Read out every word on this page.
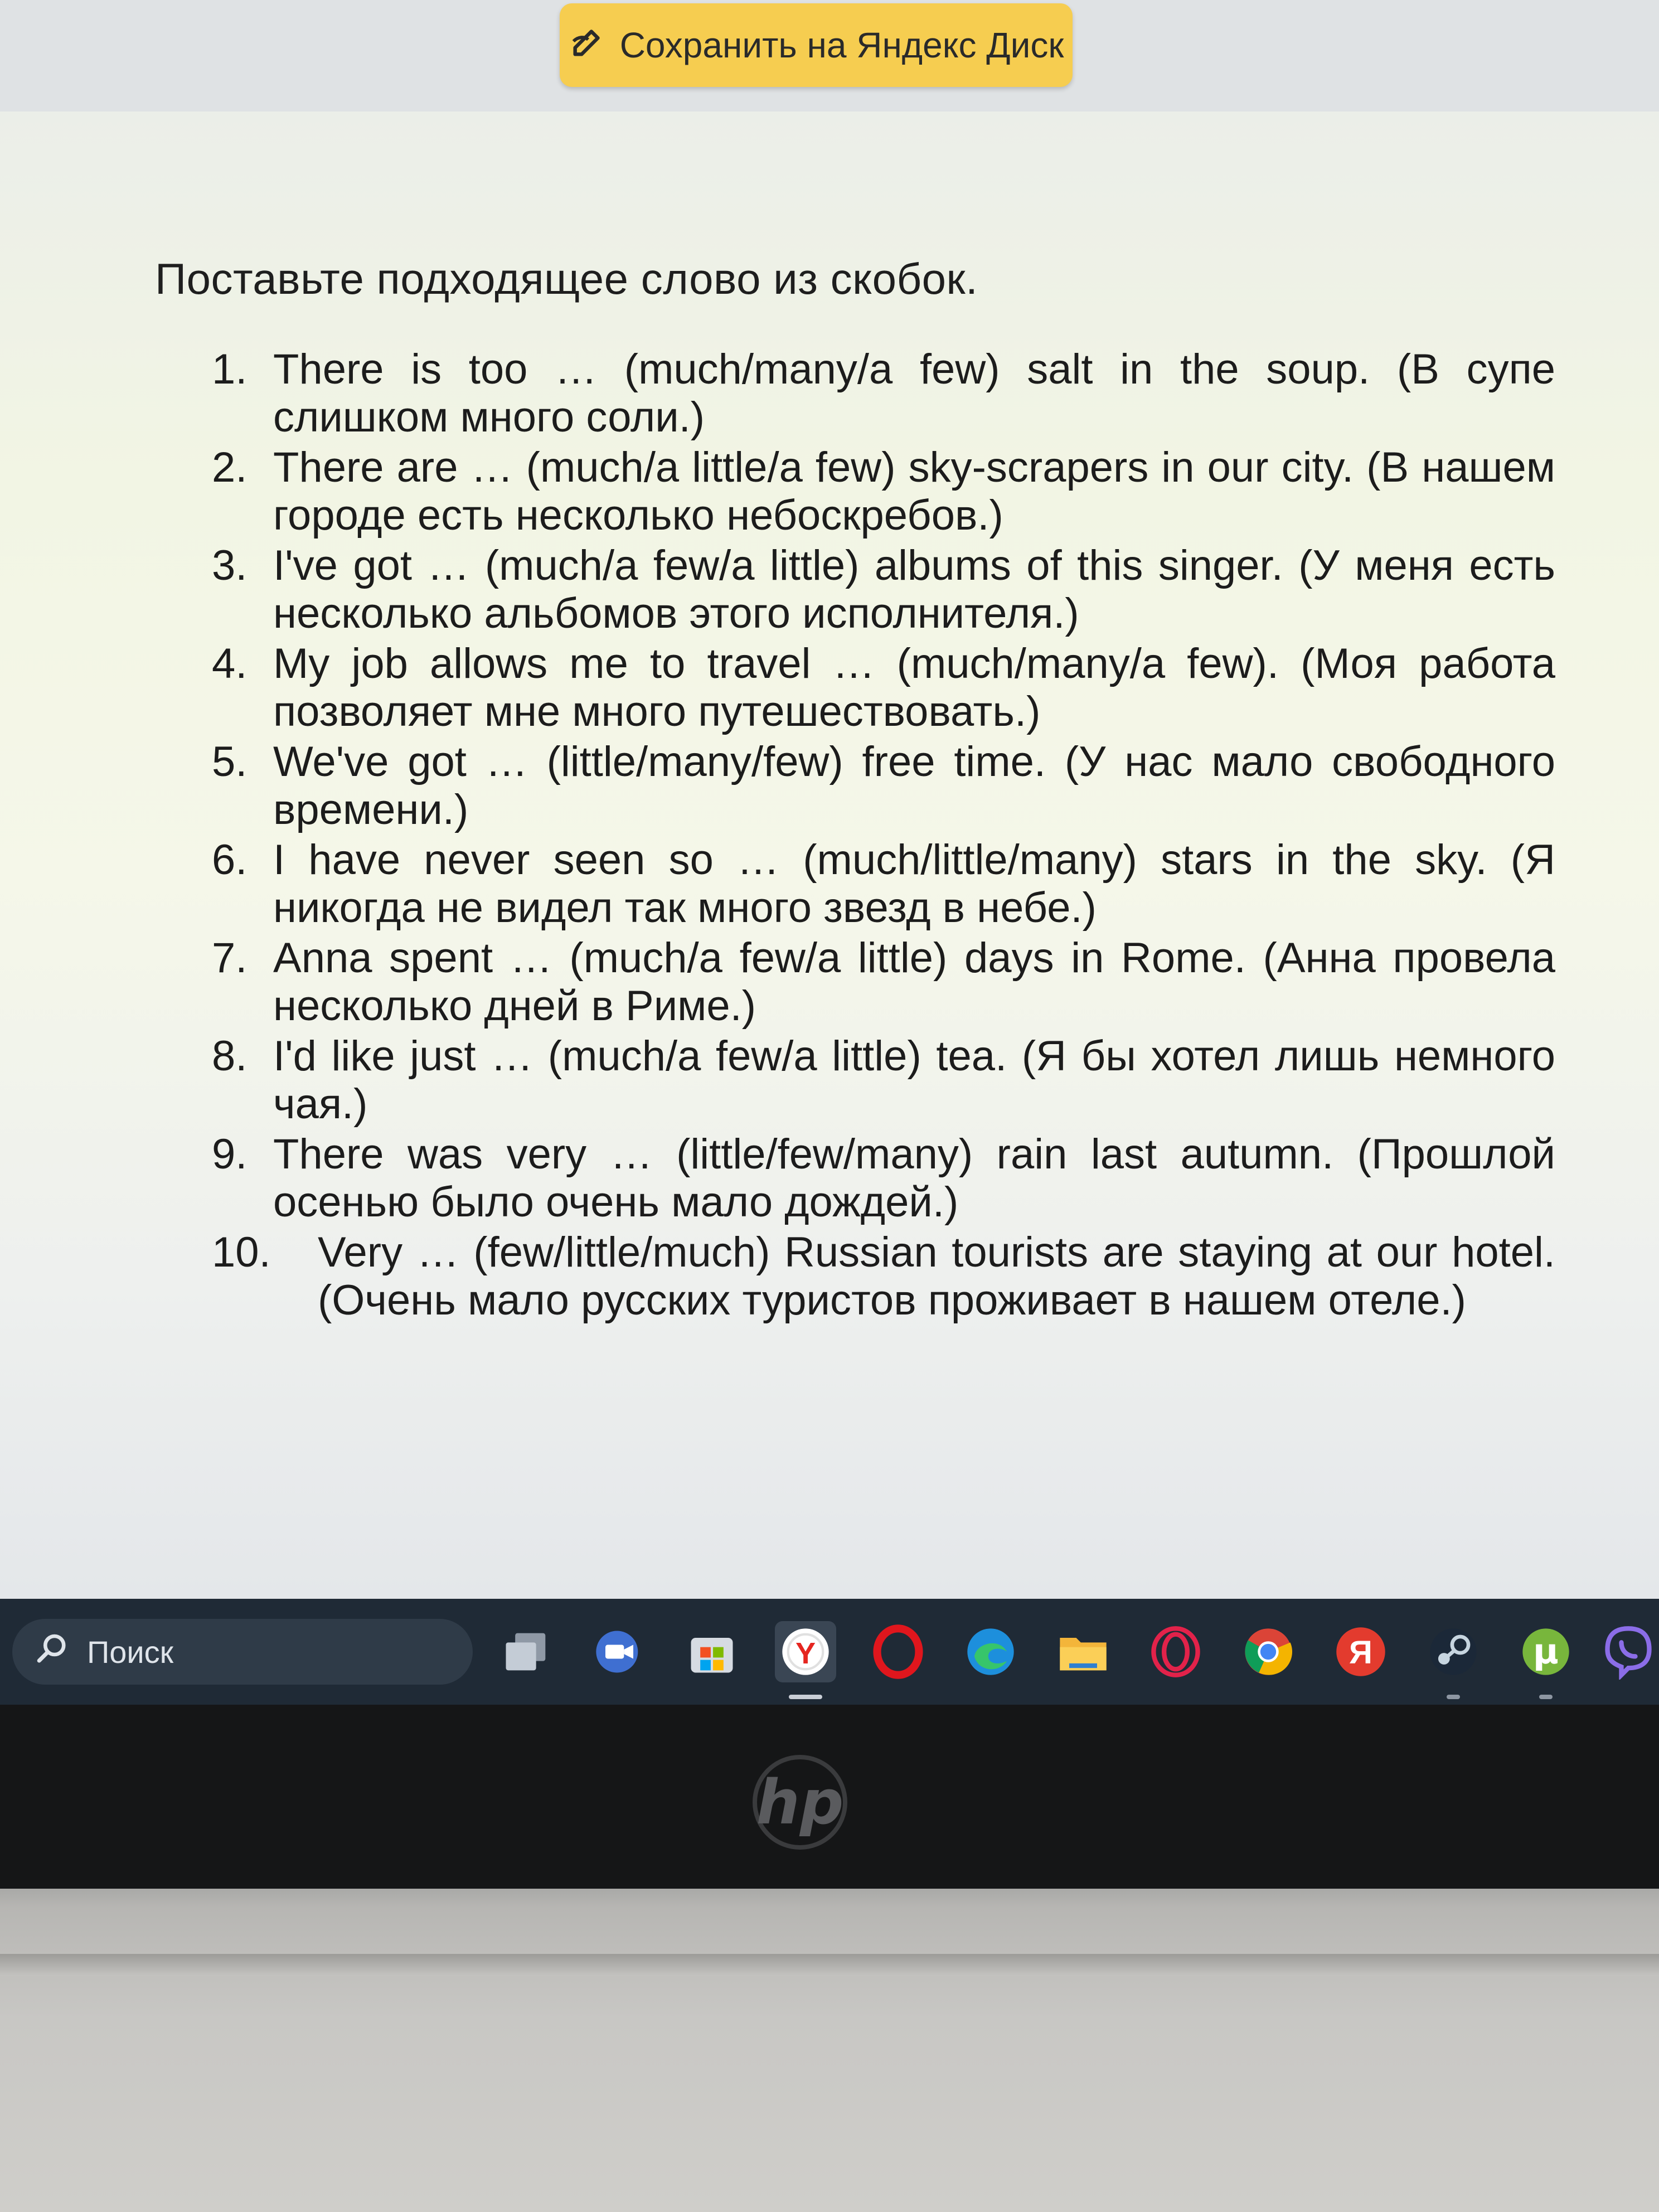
Сохранить на Яндекс Диск
Поставьте подходящее слово из скобок.
1. There is too … (much/many/a few) salt in the soup. (В супе слишком много соли.)
2. There are … (much/a little/a few) sky-scrapers in our city. (В нашем городе есть несколько небоскребов.)
3. I've got … (much/a few/a little) albums of this singer. (У меня есть несколько альбомов этого исполнителя.)
4. My job allows me to travel … (much/many/a few). (Моя работа позволяет мне много путешествовать.)
5. We've got … (little/many/few) free time. (У нас мало свободного времени.)
6. I have never seen so … (much/little/many) stars in the sky. (Я никогда не видел так много звезд в небе.)
7. Anna spent … (much/a few/a little) days in Rome. (Анна провела несколько дней в Риме.)
8. I'd like just … (much/a few/a little) tea. (Я бы хотел лишь немного чая.)
9. There was very … (little/few/many) rain last autumn. (Прошлой осенью было очень мало дождей.)
10.	Very … (few/little/much) Russian tourists are staying at our hotel. (Очень мало русских туристов проживает в нашем отеле.)
Поиск	Y	Я	µ
hp
